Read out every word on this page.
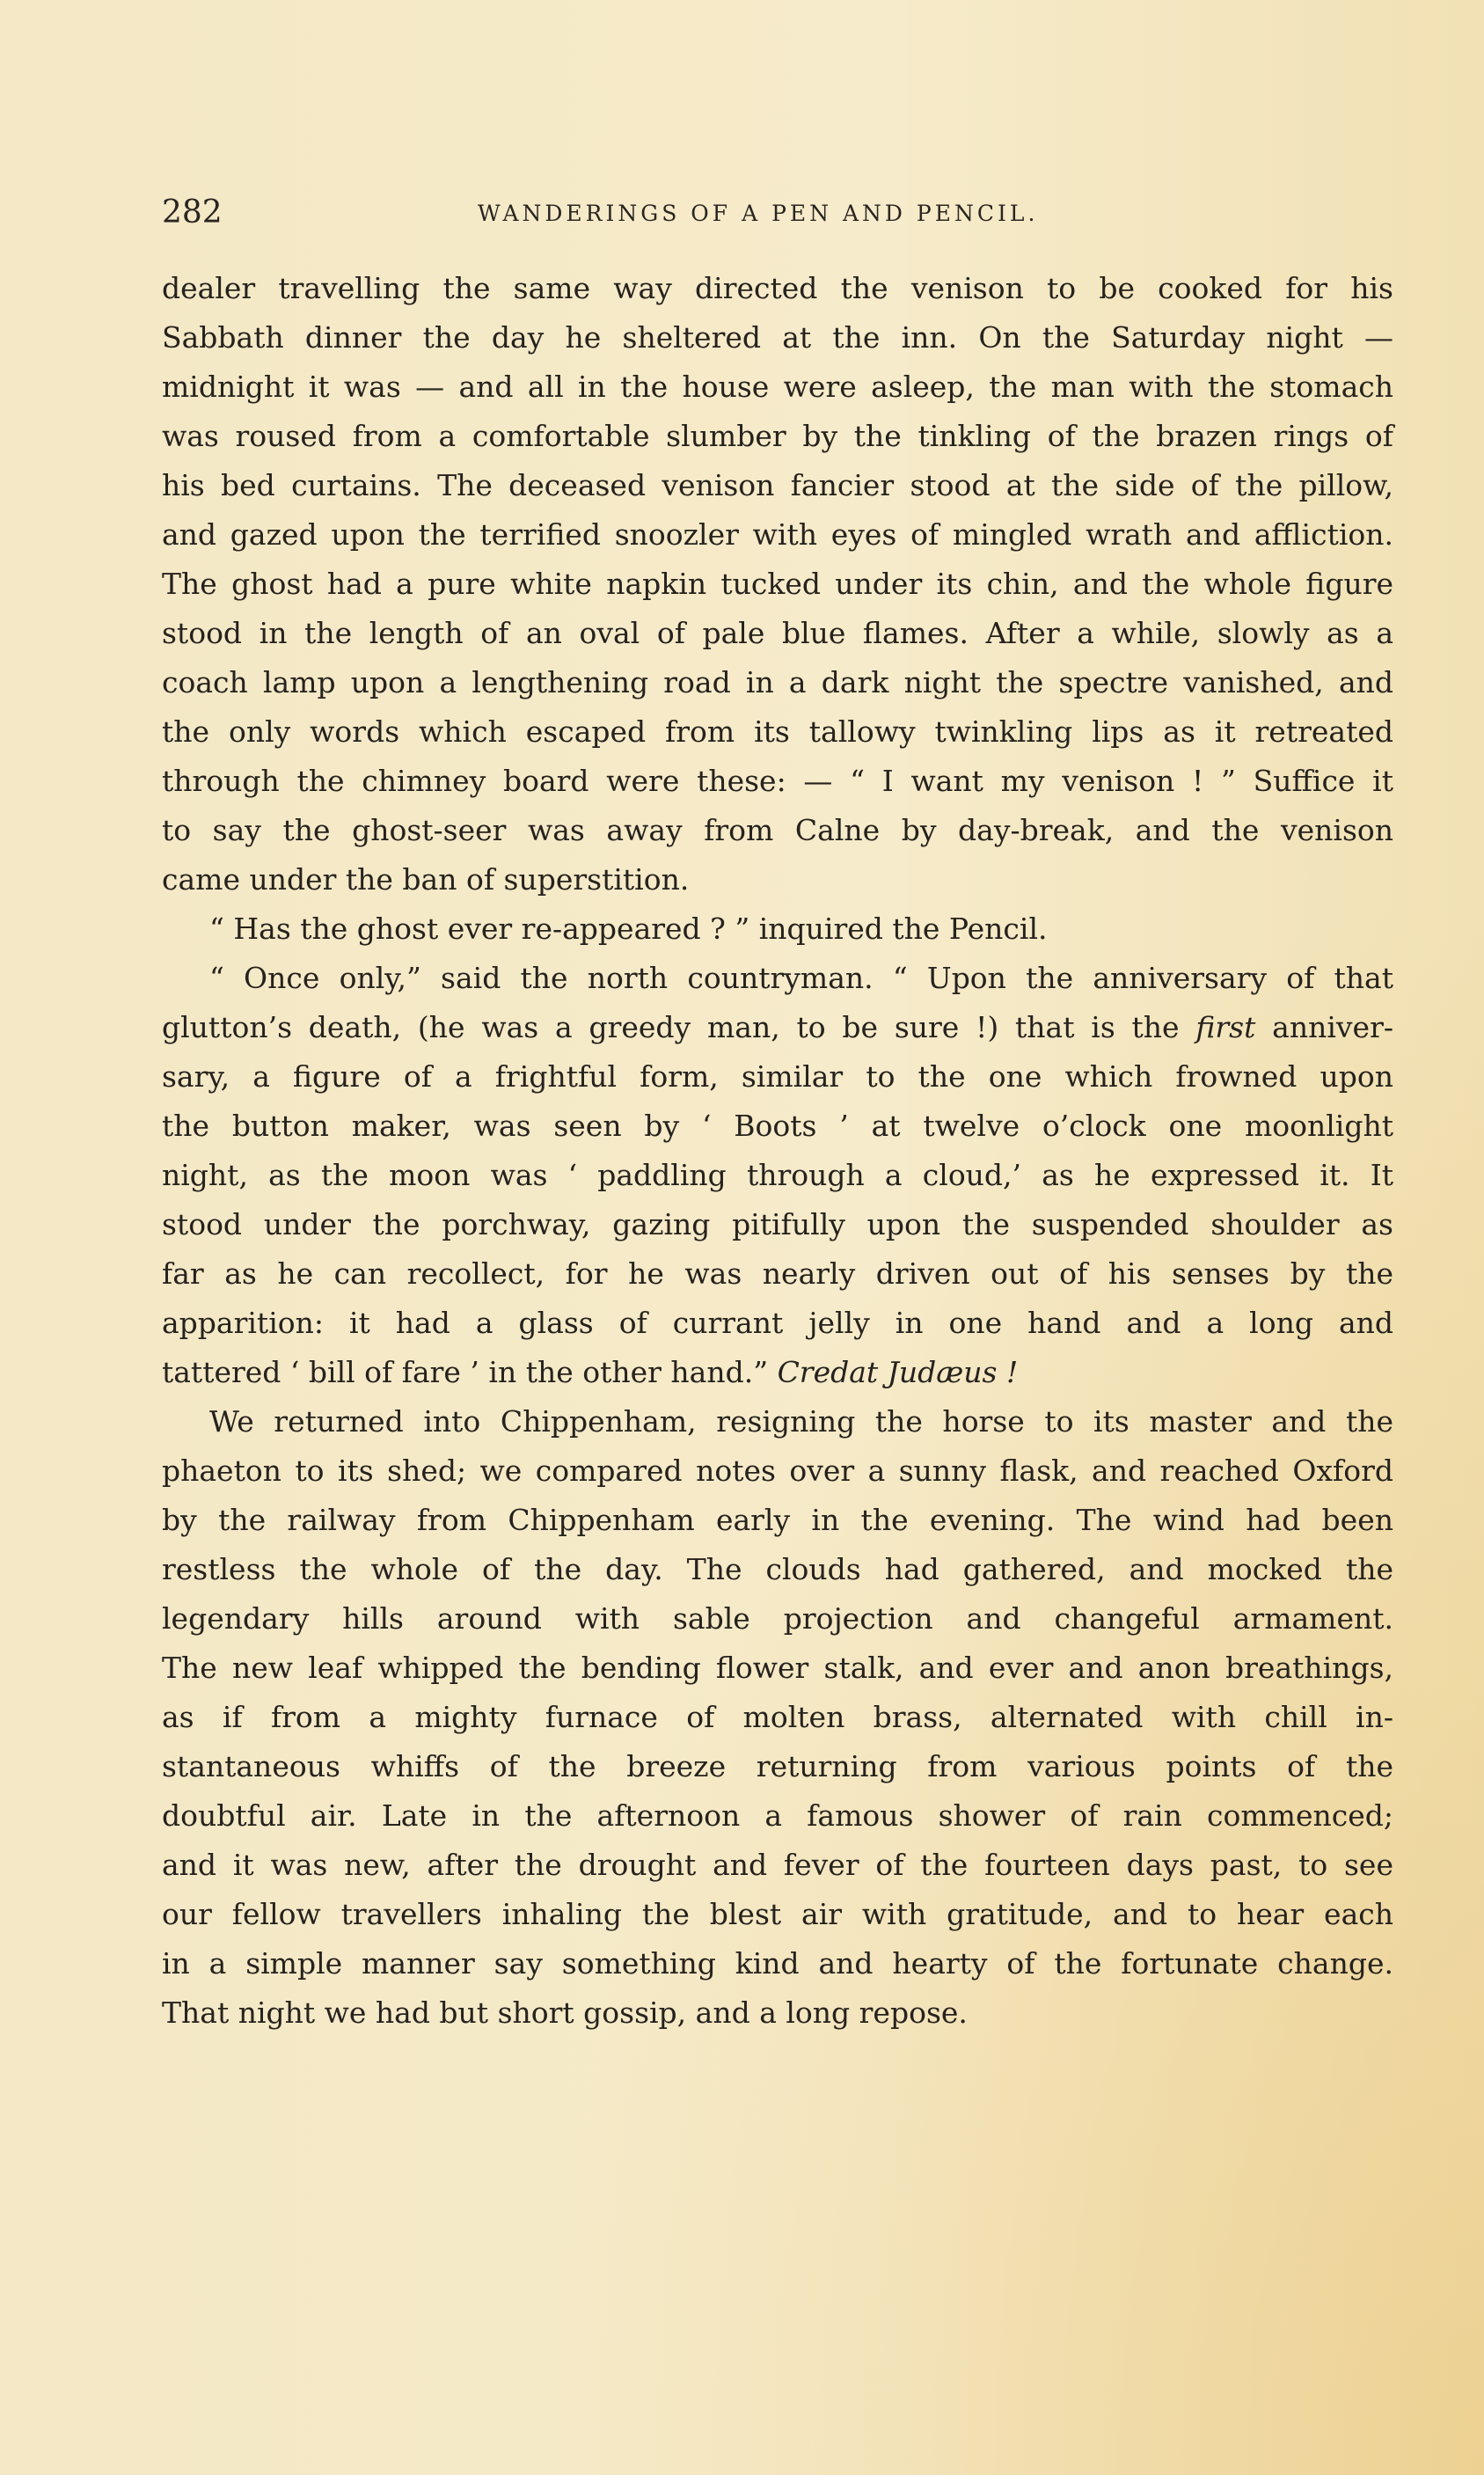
282	WANDERINGS OF A PEN AND PENCIL.

dealer travelling the same way directed the venison to be cooked for his
Sabbath dinner the day he sheltered at the inn. On the Saturday night —
midnight it was — and all in the house were asleep, the man with the stomach
was roused from a comfortable slumber by the tinkling of the brazen rings of
his bed curtains. The deceased venison fancier stood at the side of the pillow,
and gazed upon the terrified snoozler with eyes of mingled wrath and affliction.
The ghost had a pure white napkin tucked under its chin, and the whole figure
stood in the length of an oval of pale blue flames. After a while, slowly as a
coach lamp upon a lengthening road in a dark night the spectre vanished, and
the only words which escaped from its tallowy twinkling lips as it retreated
through the chimney board were these: — “ I want my venison ! ” Suffice it
to say the ghost-seer was away from Calne by day-break, and the venison
came under the ban of superstition.

“ Has the ghost ever re-appeared ? ” inquired the Pencil.

“ Once only,” said the north countryman. “ Upon the anniversary of that
glutton’s death, (he was a greedy man, to be sure !) that is the first anniver-
sary, a figure of a frightful form, similar to the one which frowned upon
the button maker, was seen by ‘ Boots ’ at twelve o’clock one moonlight
night, as the moon was ‘ paddling through a cloud,’ as he expressed it. It
stood under the porchway, gazing pitifully upon the suspended shoulder as
far as he can recollect, for he was nearly driven out of his senses by the
apparition: it had a glass of currant jelly in one hand and a long and
tattered ‘ bill of fare ’ in the other hand.” Credat Judæus !

We returned into Chippenham, resigning the horse to its master and the
phaeton to its shed; we compared notes over a sunny flask, and reached Oxford
by the railway from Chippenham early in the evening. The wind had been
restless the whole of the day. The clouds had gathered, and mocked the
legendary hills around with sable projection and changeful armament.
The new leaf whipped the bending flower stalk, and ever and anon breathings,
as if from a mighty furnace of molten brass, alternated with chill in-
stantaneous whiffs of the breeze returning from various points of the
doubtful air. Late in the afternoon a famous shower of rain commenced;
and it was new, after the drought and fever of the fourteen days past, to see
our fellow travellers inhaling the blest air with gratitude, and to hear each
in a simple manner say something kind and hearty of the fortunate change.
That night we had but short gossip, and a long repose.
